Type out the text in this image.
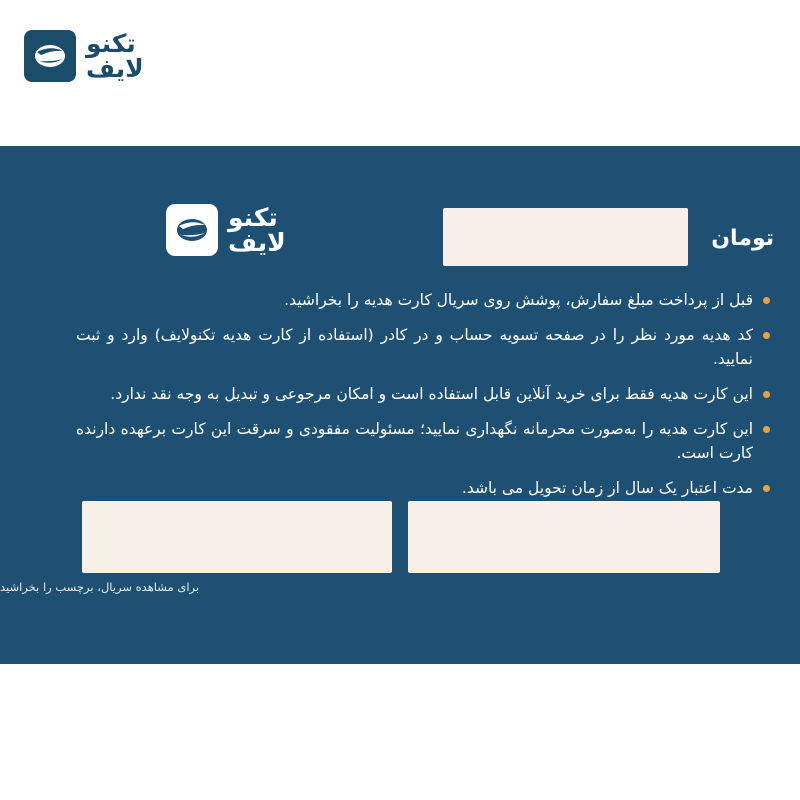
تکنو
لایف
تومان
تکنو
لایف
قبل از پرداخت مبلغ سفارش، پوشش روی سریال کارت هدیه را بخراشید.
کد هدیه مورد نظر را در صفحه تسویه حساب و در کادر (استفاده از کارت هدیه تکنولایف) وارد و ثبت نمایید.
این کارت هدیه فقط برای خرید آنلاین قابل استفاده است و امکان مرجوعی و تبدیل به وجه نقد ندارد.
این کارت هدیه را به‌صورت محرمانه نگهداری نمایید؛ مسئولیت مفقودی و سرقت این کارت برعهده دارنده کارت است.
مدت اعتبار یک سال از زمان تحویل می باشد.
برای مشاهده سریال، برچسب را بخراشید
